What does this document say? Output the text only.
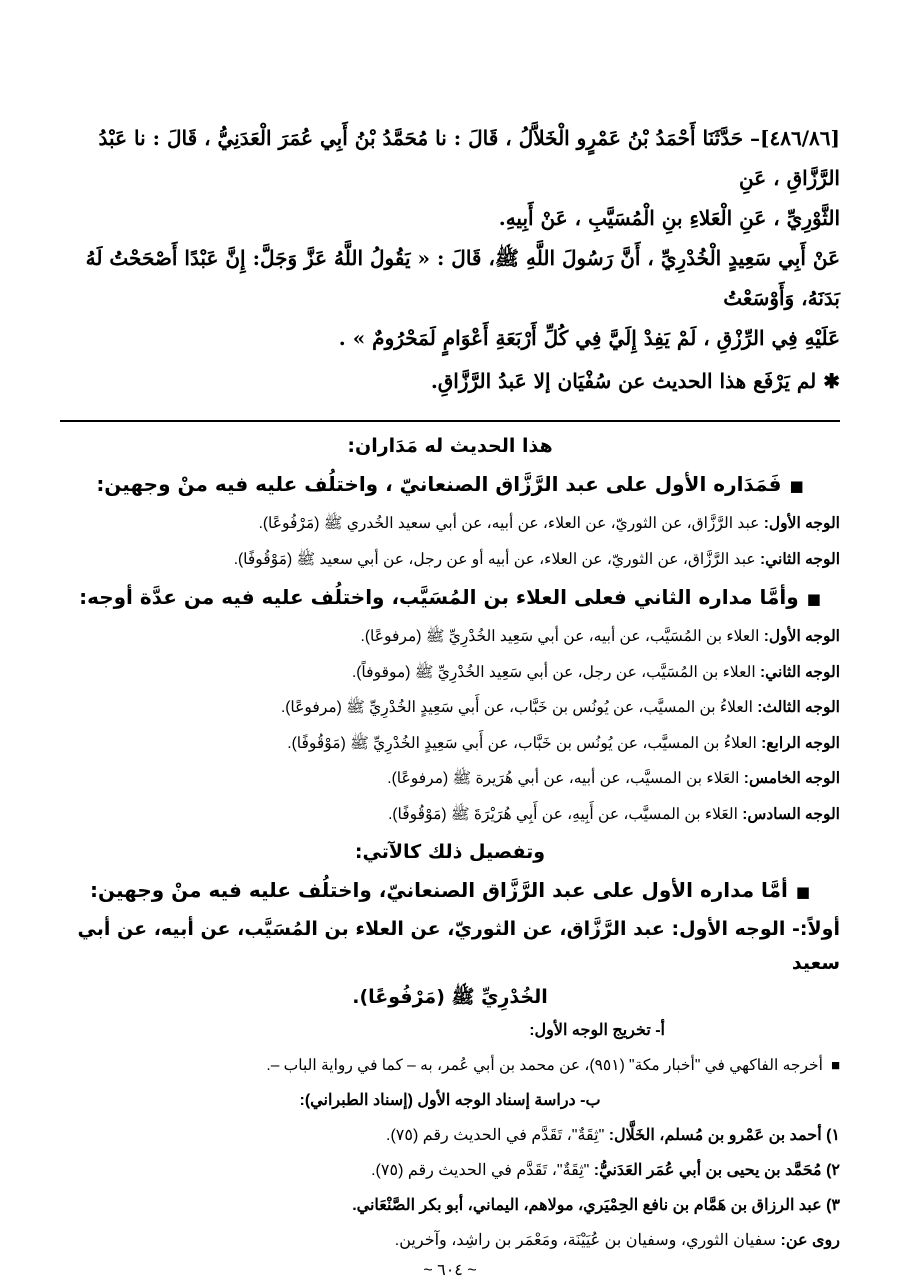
[٤٨٦/٨٦]– حَدَّثَنَا أَحْمَدُ بْنُ عَمْرٍو الْخَلاَّلُ ، قَالَ : نا مُحَمَّدُ بْنُ أَبِي عُمَرَ الْعَدَنِيُّ ، قَالَ : نا عَبْدُ الرَّزَّاقِ ، عَنِ

الثَّوْرِيِّ ، عَنِ الْعَلاءِ بنِ الْمُسَيَّبِ ، عَنْ أَبِيهِ.

عَنْ أَبِي سَعِيدٍ الْخُدْرِيِّ ، أَنَّ رَسُولَ اللَّهِ ﷺ، قَالَ : « يَقُولُ اللَّهُ عَزَّ وَجَلَّ: إِنَّ عَبْدًا أَصْحَحْتُ لَهُ بَدَنَهُ، وَأَوْسَعْتُ

عَلَيْهِ فِي الرِّزْقِ ، لَمْ يَفِدْ إِلَيَّ فِي كُلِّ أَرْبَعَةِ أَعْوَامٍ لَمَحْرُومٌ » .

✱ لم يَرْفَع هذا الحديث عن سُفْيَان إلا عَبدُ الرَّزَّاقِ.

هذا الحديث له مَدَاران:

■فَمَدَاره الأول على عبد الرَّزَّاق الصنعانيّ ، واختلُف عليه فيه منْ وجهين:

الوجه الأول: عبد الرَّزَّاق، عن الثوريّ، عن العلاء، عن أبيه، عن أبي سعيد الخُدري ﷺ (مَرْفُوعًا).

الوجه الثاني: عبد الرَّزَّاق، عن الثوريّ، عن العلاء، عن أبيه أو عن رجل، عن أبي سعيد ﷺ (مَوْقُوفًا).

■وأمَّا مداره الثاني فعلى العلاء بن المُسَيَّب، واختلُف عليه فيه من عدَّة أوجه:

الوجه الأول: العلاء بن المُسَيَّب، عن أبيه، عن أبي سَعِيد الخُدْرِيِّ ﷺ (مرفوعًا).

الوجه الثاني: العلاء بن المُسَيَّب، عن رجل، عن أبي سَعِيد الخُدْرِيِّ ﷺ (موقوفاً).

الوجه الثالث: العلاءُ بن المسيَّب، عن يُونُس بن خَبَّاب، عن أَبي سَعِيدٍ الخُدْرِيِّ ﷺ (مرفوعًا).

الوجه الرابع: العلاءُ بن المسيَّب، عن يُونُس بن خَبَّاب، عن أَبي سَعِيدٍ الخُدْرِيِّ ﷺ (مَوْقُوفًا).

الوجه الخامس: العَلاء بن المسيَّب، عن أبيه، عن أبي هُرَيرة ﷺ (مرفوعًا).

الوجه السادس: العَلاء بن المسيَّب، عن أَبِيهِ، عن أَبِي هُرَيْرَةَ ﷺ (مَوْقُوفًا).

وتفصيل ذلك كالآتي:

■أمَّا مداره الأول على عبد الرَّزَّاق الصنعانيّ، واختلُف عليه فيه منْ وجهين:

أولاً:- الوجه الأول: عبد الرَّزَّاق، عن الثوريّ، عن العلاء بن المُسَيَّب، عن أبيه، عن أبي سعيد

الخُدْرِيِّ ﷺ (مَرْفُوعًا).

أ- تخريج الوجه الأول:

■أخرجه الفاكهي في "أخبار مكة" (٩٥١)، عن محمد بن أبي عُمر، به – كما في رواية الباب –.

ب- دراسة إسناد الوجه الأول (إسناد الطبراني):

١) أحمد بن عَمْرو بن مُسلم، الخَلَّال: "ثِقَةٌ"، تَقَدَّم في الحديث رقم (٧٥).

٢) مُحَمَّد بن يحيى بن أبي عُمَر العَدَنيُّ: "ثِقَةٌ"، تَقَدَّم في الحديث رقم (٧٥).

٣) عبد الرزاق بن هَمَّام بن نافع الحِمْيَري، مولاهم، اليماني، أبو بكر الصَّنْعَاني.

روى عن: سفيان الثوري، وسفيان بن عُيَيْنَة، ومَعْمَر بن راشِد، وآخرين.

~ ٦٠٤ ~
